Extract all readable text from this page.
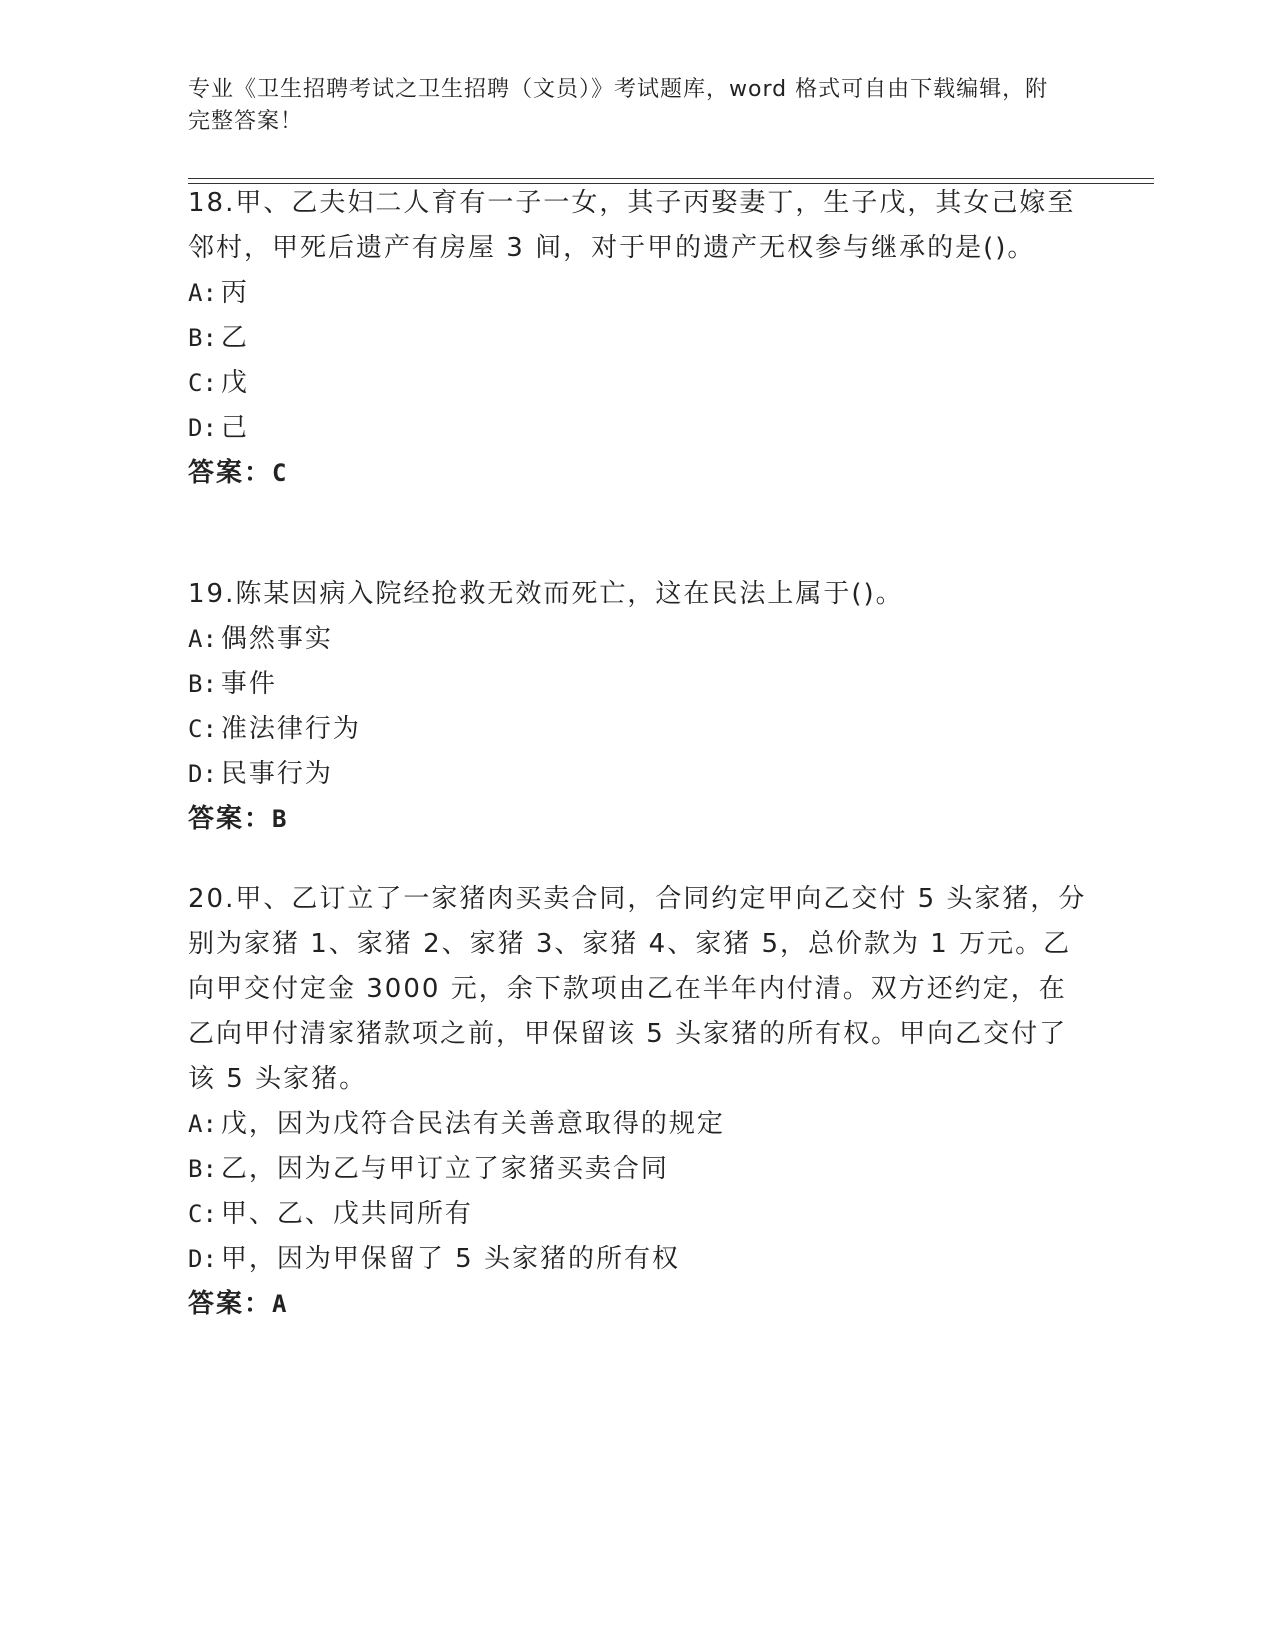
专业《卫生招聘考试之卫生招聘（文员）》考试题库，word 格式可自由下载编辑，附完整答案！

18.甲、乙夫妇二人育有一子一女，其子丙娶妻丁，生子戊，其女己嫁至邻村，甲死后遗产有房屋 3 间，对于甲的遗产无权参与继承的是()。

A: 丙
B: 乙
C: 戊
D: 己
答案：C

19.陈某因病入院经抢救无效而死亡，这在民法上属于()。

A: 偶然事实
B: 事件
C: 准法律行为
D: 民事行为
答案：B

20.甲、乙订立了一家猪肉买卖合同，合同约定甲向乙交付 5 头家猪，分别为家猪 1、家猪 2、家猪 3、家猪 4、家猪 5，总价款为 1 万元。乙向甲交付定金 3000 元，余下款项由乙在半年内付清。双方还约定，在乙向甲付清家猪款项之前，甲保留该 5 头家猪的所有权。甲向乙交付了该 5 头家猪。

A: 戊，因为戊符合民法有关善意取得的规定
B: 乙，因为乙与甲订立了家猪买卖合同
C: 甲、乙、戊共同所有
D: 甲，因为甲保留了 5 头家猪的所有权
答案：A
